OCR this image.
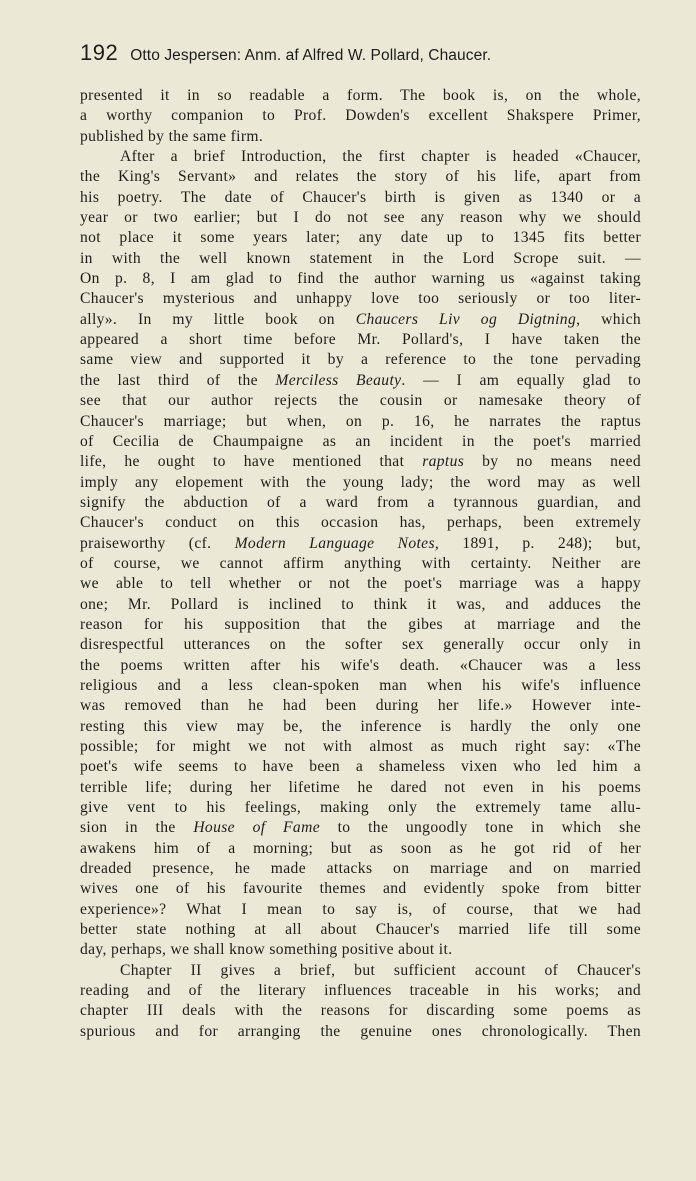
192 Otto Jespersen: Anm. af Alfred W. Pollard, Chaucer.
presented it in so readable a form. The book is, on the whole,
a worthy companion to Prof. Dowden's excellent Shakspere Primer,
published by the same firm.
After a brief Introduction, the first chapter is headed «Chaucer,
the King's Servant» and relates the story of his life, apart from
his poetry. The date of Chaucer's birth is given as 1340 or a
year or two earlier; but I do not see any reason why we should
not place it some years later; any date up to 1345 fits better
in with the well known statement in the Lord Scrope suit. —
On p. 8, I am glad to find the author warning us «against taking
Chaucer's mysterious and unhappy love too seriously or too liter-
ally». In my little book on Chaucers Liv og Digtning, which
appeared a short time before Mr. Pollard's, I have taken the
same view and supported it by a reference to the tone pervading
the last third of the Merciless Beauty. — I am equally glad to
see that our author rejects the cousin or namesake theory of
Chaucer's marriage; but when, on p. 16, he narrates the raptus
of Cecilia de Chaumpaigne as an incident in the poet's married
life, he ought to have mentioned that raptus by no means need
imply any elopement with the young lady; the word may as well
signify the abduction of a ward from a tyrannous guardian, and
Chaucer's conduct on this occasion has, perhaps, been extremely
praiseworthy (cf. Modern Language Notes, 1891, p. 248); but,
of course, we cannot affirm anything with certainty. Neither are
we able to tell whether or not the poet's marriage was a happy
one; Mr. Pollard is inclined to think it was, and adduces the
reason for his supposition that the gibes at marriage and the
disrespectful utterances on the softer sex generally occur only in
the poems written after his wife's death. «Chaucer was a less
religious and a less clean-spoken man when his wife's influence
was removed than he had been during her life.» However inte-
resting this view may be, the inference is hardly the only one
possible; for might we not with almost as much right say: «The
poet's wife seems to have been a shameless vixen who led him a
terrible life; during her lifetime he dared not even in his poems
give vent to his feelings, making only the extremely tame allu-
sion in the House of Fame to the ungoodly tone in which she
awakens him of a morning; but as soon as he got rid of her
dreaded presence, he made attacks on marriage and on married
wives one of his favourite themes and evidently spoke from bitter
experience»? What I mean to say is, of course, that we had
better state nothing at all about Chaucer's married life till some
day, perhaps, we shall know something positive about it.
Chapter II gives a brief, but sufficient account of Chaucer's
reading and of the literary influences traceable in his works; and
chapter III deals with the reasons for discarding some poems as
spurious and for arranging the genuine ones chronologically. Then
